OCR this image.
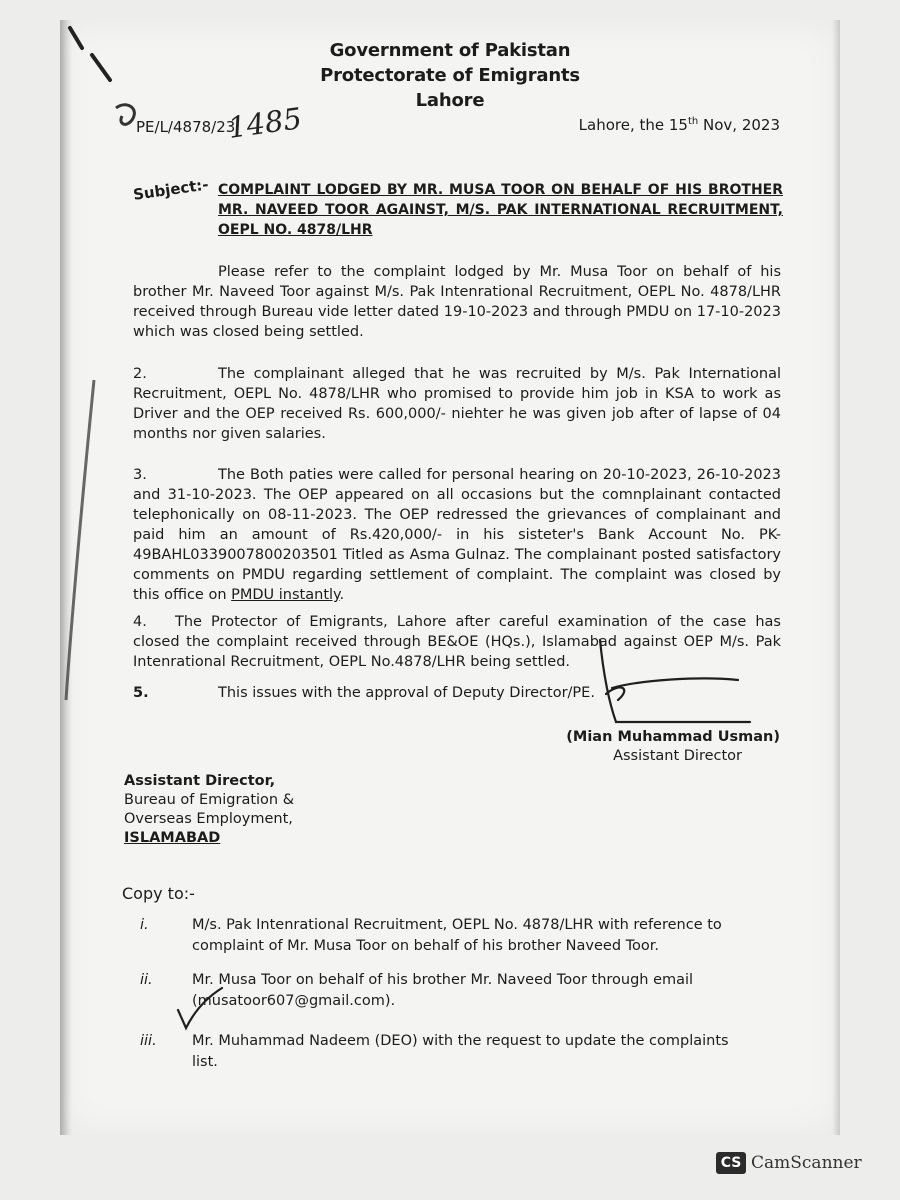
Government of Pakistan
Protectorate of Emigrants
Lahore
PE/L/4878/23
1485	Lahore, the 15th Nov, 2023
Subject:- COMPLAINT LODGED BY MR. MUSA TOOR ON BEHALF OF HIS BROTHER MR. NAVEED TOOR AGAINST, M/S. PAK INTERNATIONAL RECRUITMENT, OEPL NO. 4878/LHR
Please refer to the complaint lodged by Mr. Musa Toor on behalf of his brother Mr. Naveed Toor against M/s. Pak Intenrational Recruitment, OEPL No. 4878/LHR received through Bureau vide letter dated 19-10-2023 and through PMDU on 17-10-2023 which was closed being settled.
2.	The complainant alleged that he was recruited by M/s. Pak International Recruitment, OEPL No. 4878/LHR who promised to provide him job in KSA to work as Driver and the OEP received Rs. 600,000/- niehter he was given job after of lapse of 04 months nor given salaries.
3.	The Both paties were called for personal hearing on 20-10-2023, 26-10-2023 and 31-10-2023. The OEP appeared on all occasions but the comnplainant contacted telephonically on 08-11-2023. The OEP redressed the grievances of complainant and paid him an amount of Rs.420,000/- in his sisteter's Bank Account No. PK-49BAHL0339007800203501 Titled as Asma Gulnaz. The complainant posted satisfactory comments on PMDU regarding settlement of complaint. The complaint was closed by this office on PMDU instantly.
4. The Protector of Emigrants, Lahore after careful examination of the case has closed the complaint received through BE&OE (HQs.), Islamabad against OEP M/s. Pak Intenrational Recruitment, OEPL No.4878/LHR being settled.
5.	This issues with the approval of Deputy Director/PE.
(Mian Muhammad Usman)
Assistant Director
Assistant Director,
Bureau of Emigration &
Overseas Employment,
ISLAMABAD
Copy to:-
i.	M/s. Pak Intenrational Recruitment, OEPL No. 4878/LHR with reference to complaint of Mr. Musa Toor on behalf of his brother Naveed Toor.
ii.	Mr. Musa Toor on behalf of his brother Mr. Naveed Toor through email (musatoor607@gmail.com).
iii. Mr. Muhammad Nadeem (DEO) with the request to update the complaints list.
CS CamScanner
